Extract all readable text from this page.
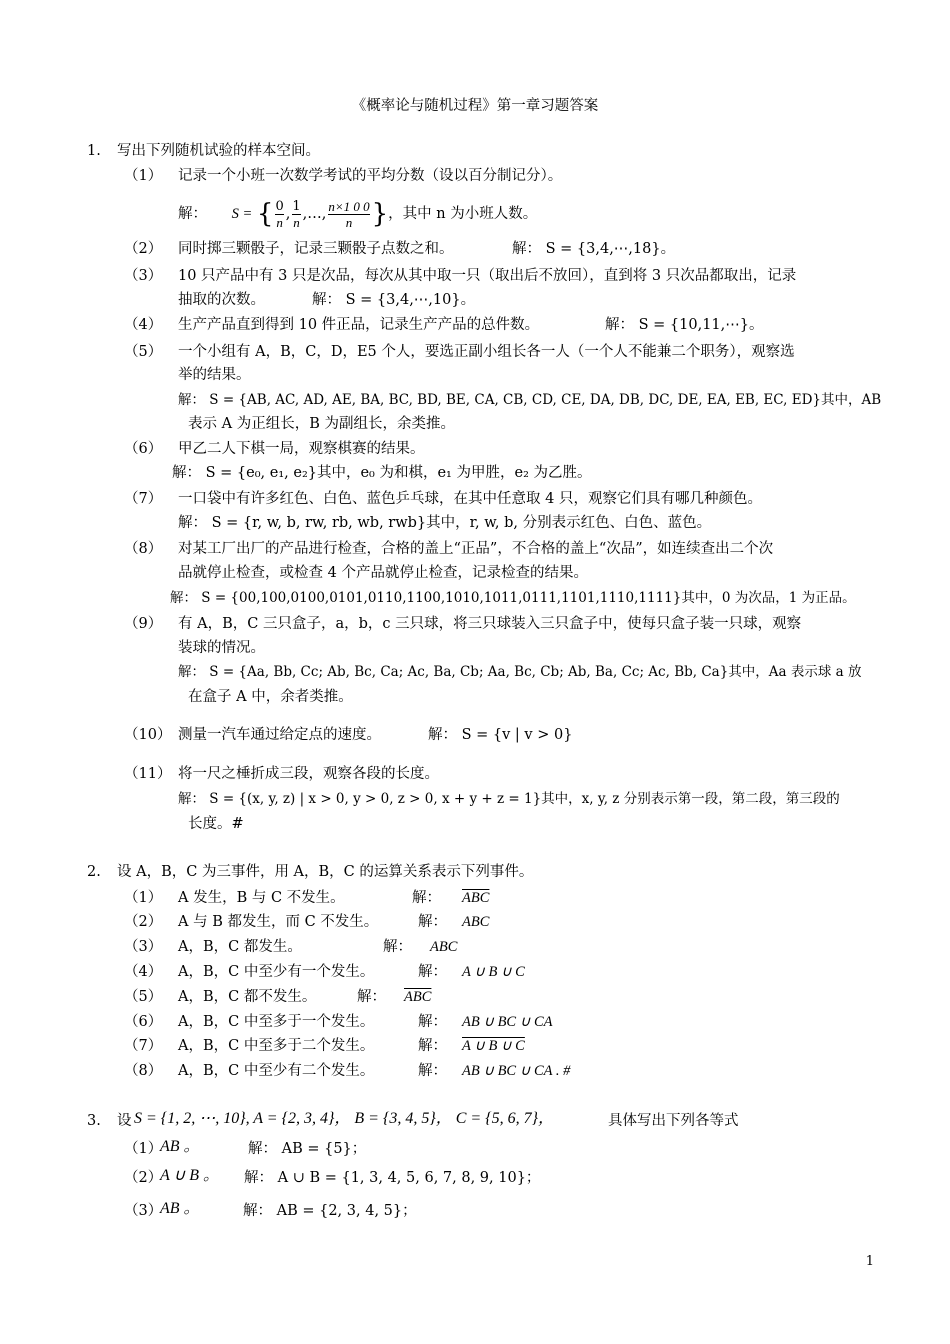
《概率论与随机过程》第一章习题答案
1. 写出下列随机试验的样本空间。
（1） 记录一个小班一次数学考试的平均分数（设以百分制记分）。
解： S = { $\frac{0}{n}$ , $\frac{1}{n}$ ,…, $\frac{n\times 1 0 0}{n}$ }，其中 n 为小班人数。
（2） 同时掷三颗骰子，记录三颗骰子点数之和。	解： S = {3,4,⋯,18}。
（3） 10 只产品中有 3 只是次品，每次从其中取一只（取出后不放回），直到将 3 只次品都取出，记录
抽取的次数。	解： S = {3,4,⋯,10}。
（4） 生产产品直到得到 10 件正品，记录生产产品的总件数。	解： S = {10,11,⋯}。
（5） 一个小组有 A，B，C，D，E5 个人，要选正副小组长各一人（一个人不能兼二个职务），观察选
举的结果。
解： S = {AB, AC, AD, AE, BA, BC, BD, BE, CA, CB, CD, CE, DA, DB, DC, DE, EA, EB, EC, ED}其中，AB
表示 A 为正组长，B 为副组长，余类推。
（6） 甲乙二人下棋一局，观察棋赛的结果。
解： S = {e₀, e₁, e₂}其中，e₀ 为和棋，e₁ 为甲胜，e₂ 为乙胜。
（7） 一口袋中有许多红色、白色、蓝色乒乓球，在其中任意取 4 只，观察它们具有哪几种颜色。
解： S = {r, w, b, rw, rb, wb, rwb}其中，r, w, b, 分别表示红色、白色、蓝色。
（8） 对某工厂出厂的产品进行检查，合格的盖上“正品”，不合格的盖上“次品”，如连续查出二个次
品就停止检查，或检查 4 个产品就停止检查，记录检查的结果。
解： S = {00,100,0100,0101,0110,1100,1010,1011,0111,1101,1110,1111}其中，0 为次品，1 为正品。
（9） 有 A，B，C 三只盒子，a，b，c 三只球，将三只球装入三只盒子中，使每只盒子装一只球，观察
装球的情况。
解： S = {Aa, Bb, Cc; Ab, Bc, Ca; Ac, Ba, Cb; Aa, Bc, Cb; Ab, Ba, Cc; Ac, Bb, Ca}其中，Aa 表示球 a 放
在盒子 A 中，余者类推。
（10） 测量一汽车通过给定点的速度。	解： S = {v | v > 0}
（11） 将一尺之棰折成三段，观察各段的长度。
解： S = {(x, y, z) | x > 0, y > 0, z > 0, x + y + z = 1}其中，x, y, z 分别表示第一段，第二段，第三段的
长度。#
2. 设 A，B，C 为三事件，用 A，B，C 的运算关系表示下列事件。
（1） A 发生，B 与 C 不发生。	解： $\overline{ABC}$
（2） A 与 B 都发生，而 C 不发生。	解： ABC
（3） A，B，C 都发生。	解： ABC
（4） A，B，C 中至少有一个发生。	解： A ∪ B ∪ C
（5） A，B，C 都不发生。	解： $\overline{ABC}$
（6） A，B，C 中至多于一个发生。	解： AB ∪ BC ∪ CA
（7） A，B，C 中至多于二个发生。	解： A ∪ B ∪ C
（8） A，B，C 中至少有二个发生。	解： AB ∪ BC ∪ CA . #
3. 设 S = {1, 2, ⋯, 10}, A = {2, 3, 4}， B = {3, 4, 5}， C = {5, 6, 7}，	具体写出下列各等式
（1）
AB 。	解： AB = {5}；
（2）
A ∪ B 。 解： A ∪ B = {1, 3, 4, 5, 6, 7, 8, 9, 10}；
（3）
AB 。	解： AB = {2, 3, 4, 5}；
1
